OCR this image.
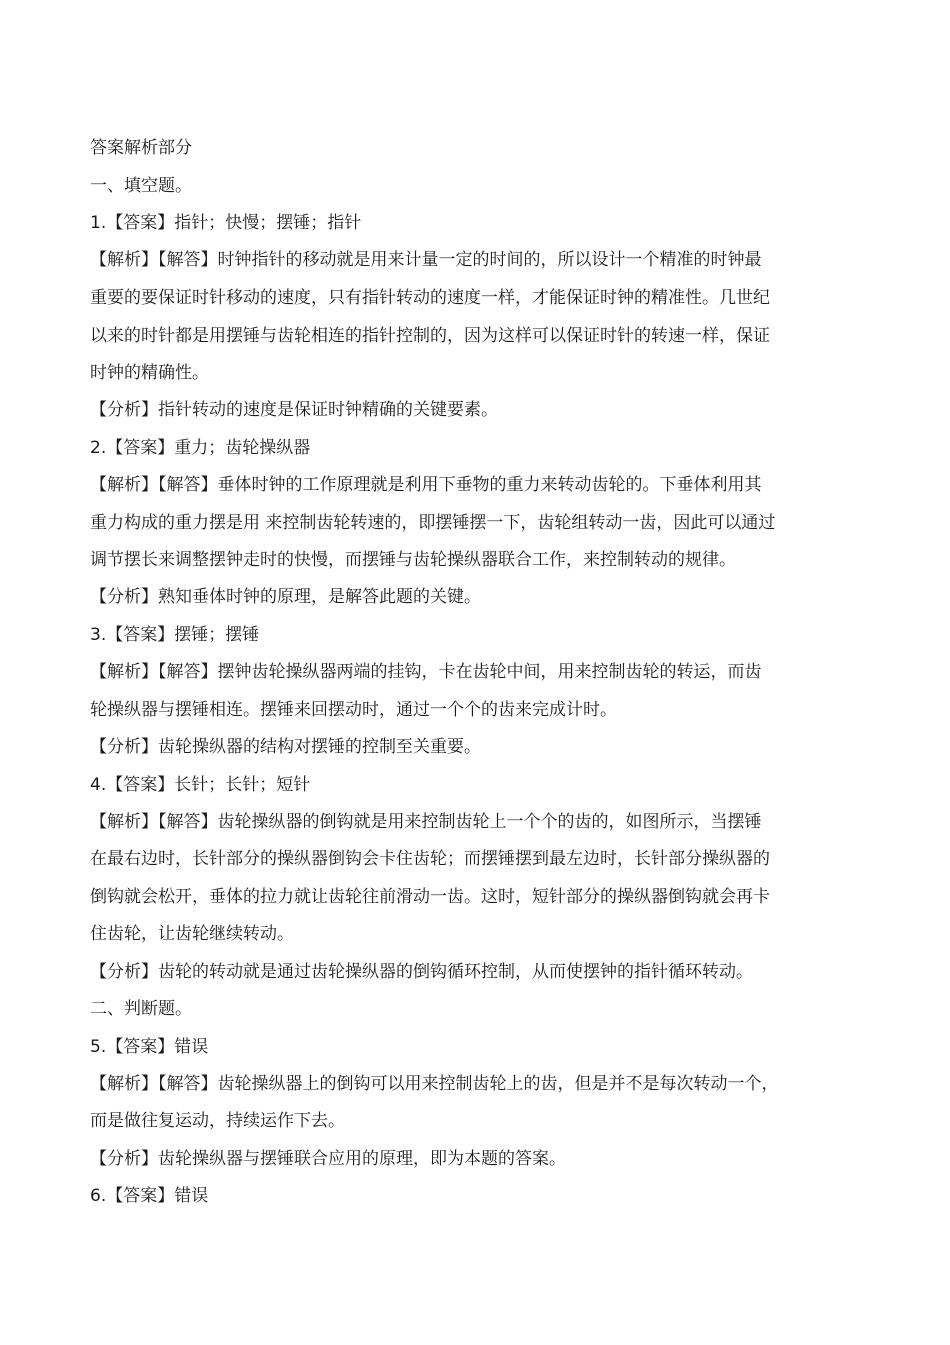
答案解析部分
一、填空题。
1.【答案】指针；快慢；摆锤；指针
【解析】【解答】时钟指针的移动就是用来计量一定的时间的，所以设计一个精准的时钟最
重要的要保证时针移动的速度，只有指针转动的速度一样，才能保证时钟的精准性。几世纪
以来的时针都是用摆锤与齿轮相连的指针控制的，因为这样可以保证时针的转速一样，保证
时钟的精确性。
【分析】指针转动的速度是保证时钟精确的关键要素。
2.【答案】重力；齿轮操纵器
【解析】【解答】垂体时钟的工作原理就是利用下垂物的重力来转动齿轮的。下垂体利用其
重力构成的重力摆是用 来控制齿轮转速的，即摆锤摆一下，齿轮组转动一齿，因此可以通过
调节摆长来调整摆钟走时的快慢，而摆锤与齿轮操纵器联合工作，来控制转动的规律。
【分析】熟知垂体时钟的原理，是解答此题的关键。
3.【答案】摆锤；摆锤
【解析】【解答】摆钟齿轮操纵器两端的挂钩，卡在齿轮中间，用来控制齿轮的转运，而齿
轮操纵器与摆锤相连。摆锤来回摆动时，通过一个个的齿来完成计时。
【分析】齿轮操纵器的结构对摆锤的控制至关重要。
4.【答案】长针；长针；短针
【解析】【解答】齿轮操纵器的倒钩就是用来控制齿轮上一个个的齿的，如图所示，当摆锤
在最右边时，长针部分的操纵器倒钩会卡住齿轮；而摆锤摆到最左边时，长针部分操纵器的
倒钩就会松开，垂体的拉力就让齿轮往前滑动一齿。这时，短针部分的操纵器倒钩就会再卡
住齿轮，让齿轮继续转动。
【分析】齿轮的转动就是通过齿轮操纵器的倒钩循环控制，从而使摆钟的指针循环转动。
二、判断题。
5.【答案】错误
【解析】【解答】齿轮操纵器上的倒钩可以用来控制齿轮上的齿，但是并不是每次转动一个，
而是做往复运动，持续运作下去。
【分析】齿轮操纵器与摆锤联合应用的原理，即为本题的答案。
6.【答案】错误
